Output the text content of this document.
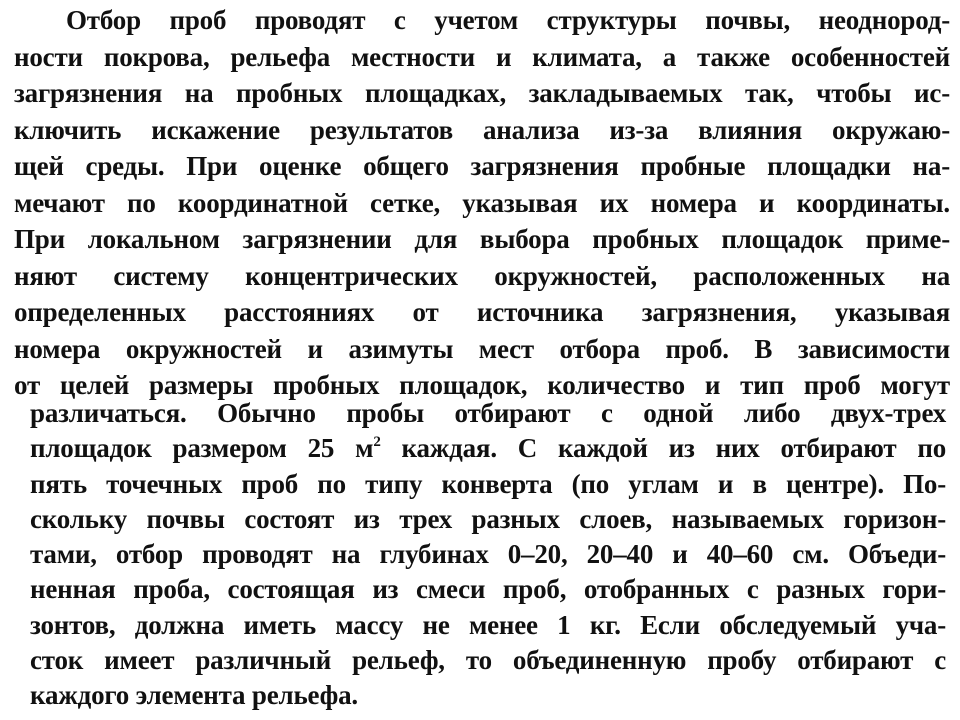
Отбор проб проводят с учетом структуры почвы, неоднород-
ности покрова, рельефа местности и климата, а также особенностей
загрязнения на пробных площадках, закладываемых так, чтобы ис-
ключить искажение результатов анализа из-за влияния окружаю-
щей среды. При оценке общего загрязнения пробные площадки на-
мечают по координатной сетке, указывая их номера и координаты.
При локальном загрязнении для выбора пробных площадок приме-
няют систему концентрических окружностей, расположенных на
определенных расстояниях от источника загрязнения, указывая
номера окружностей и азимуты мест отбора проб. В зависимости
от целей размеры пробных площадок, количество и тип проб могут
различаться. Обычно пробы отбирают с одной либо двух-трех
площадок размером 25 $м^2$ каждая. С каждой из них отбирают по
пять точечных проб по типу конверта (по углам и в центре). По-
скольку почвы состоят из трех разных слоев, называемых горизон-
тами, отбор проводят на глубинах 0–20, 20–40 и 40–60 см. Объеди-
ненная проба, состоящая из смеси проб, отобранных с разных гори-
зонтов, должна иметь массу не менее 1 кг. Если обследуемый уча-
сток имеет различный рельеф, то объединенную пробу отбирают с
каждого элемента рельефа.
